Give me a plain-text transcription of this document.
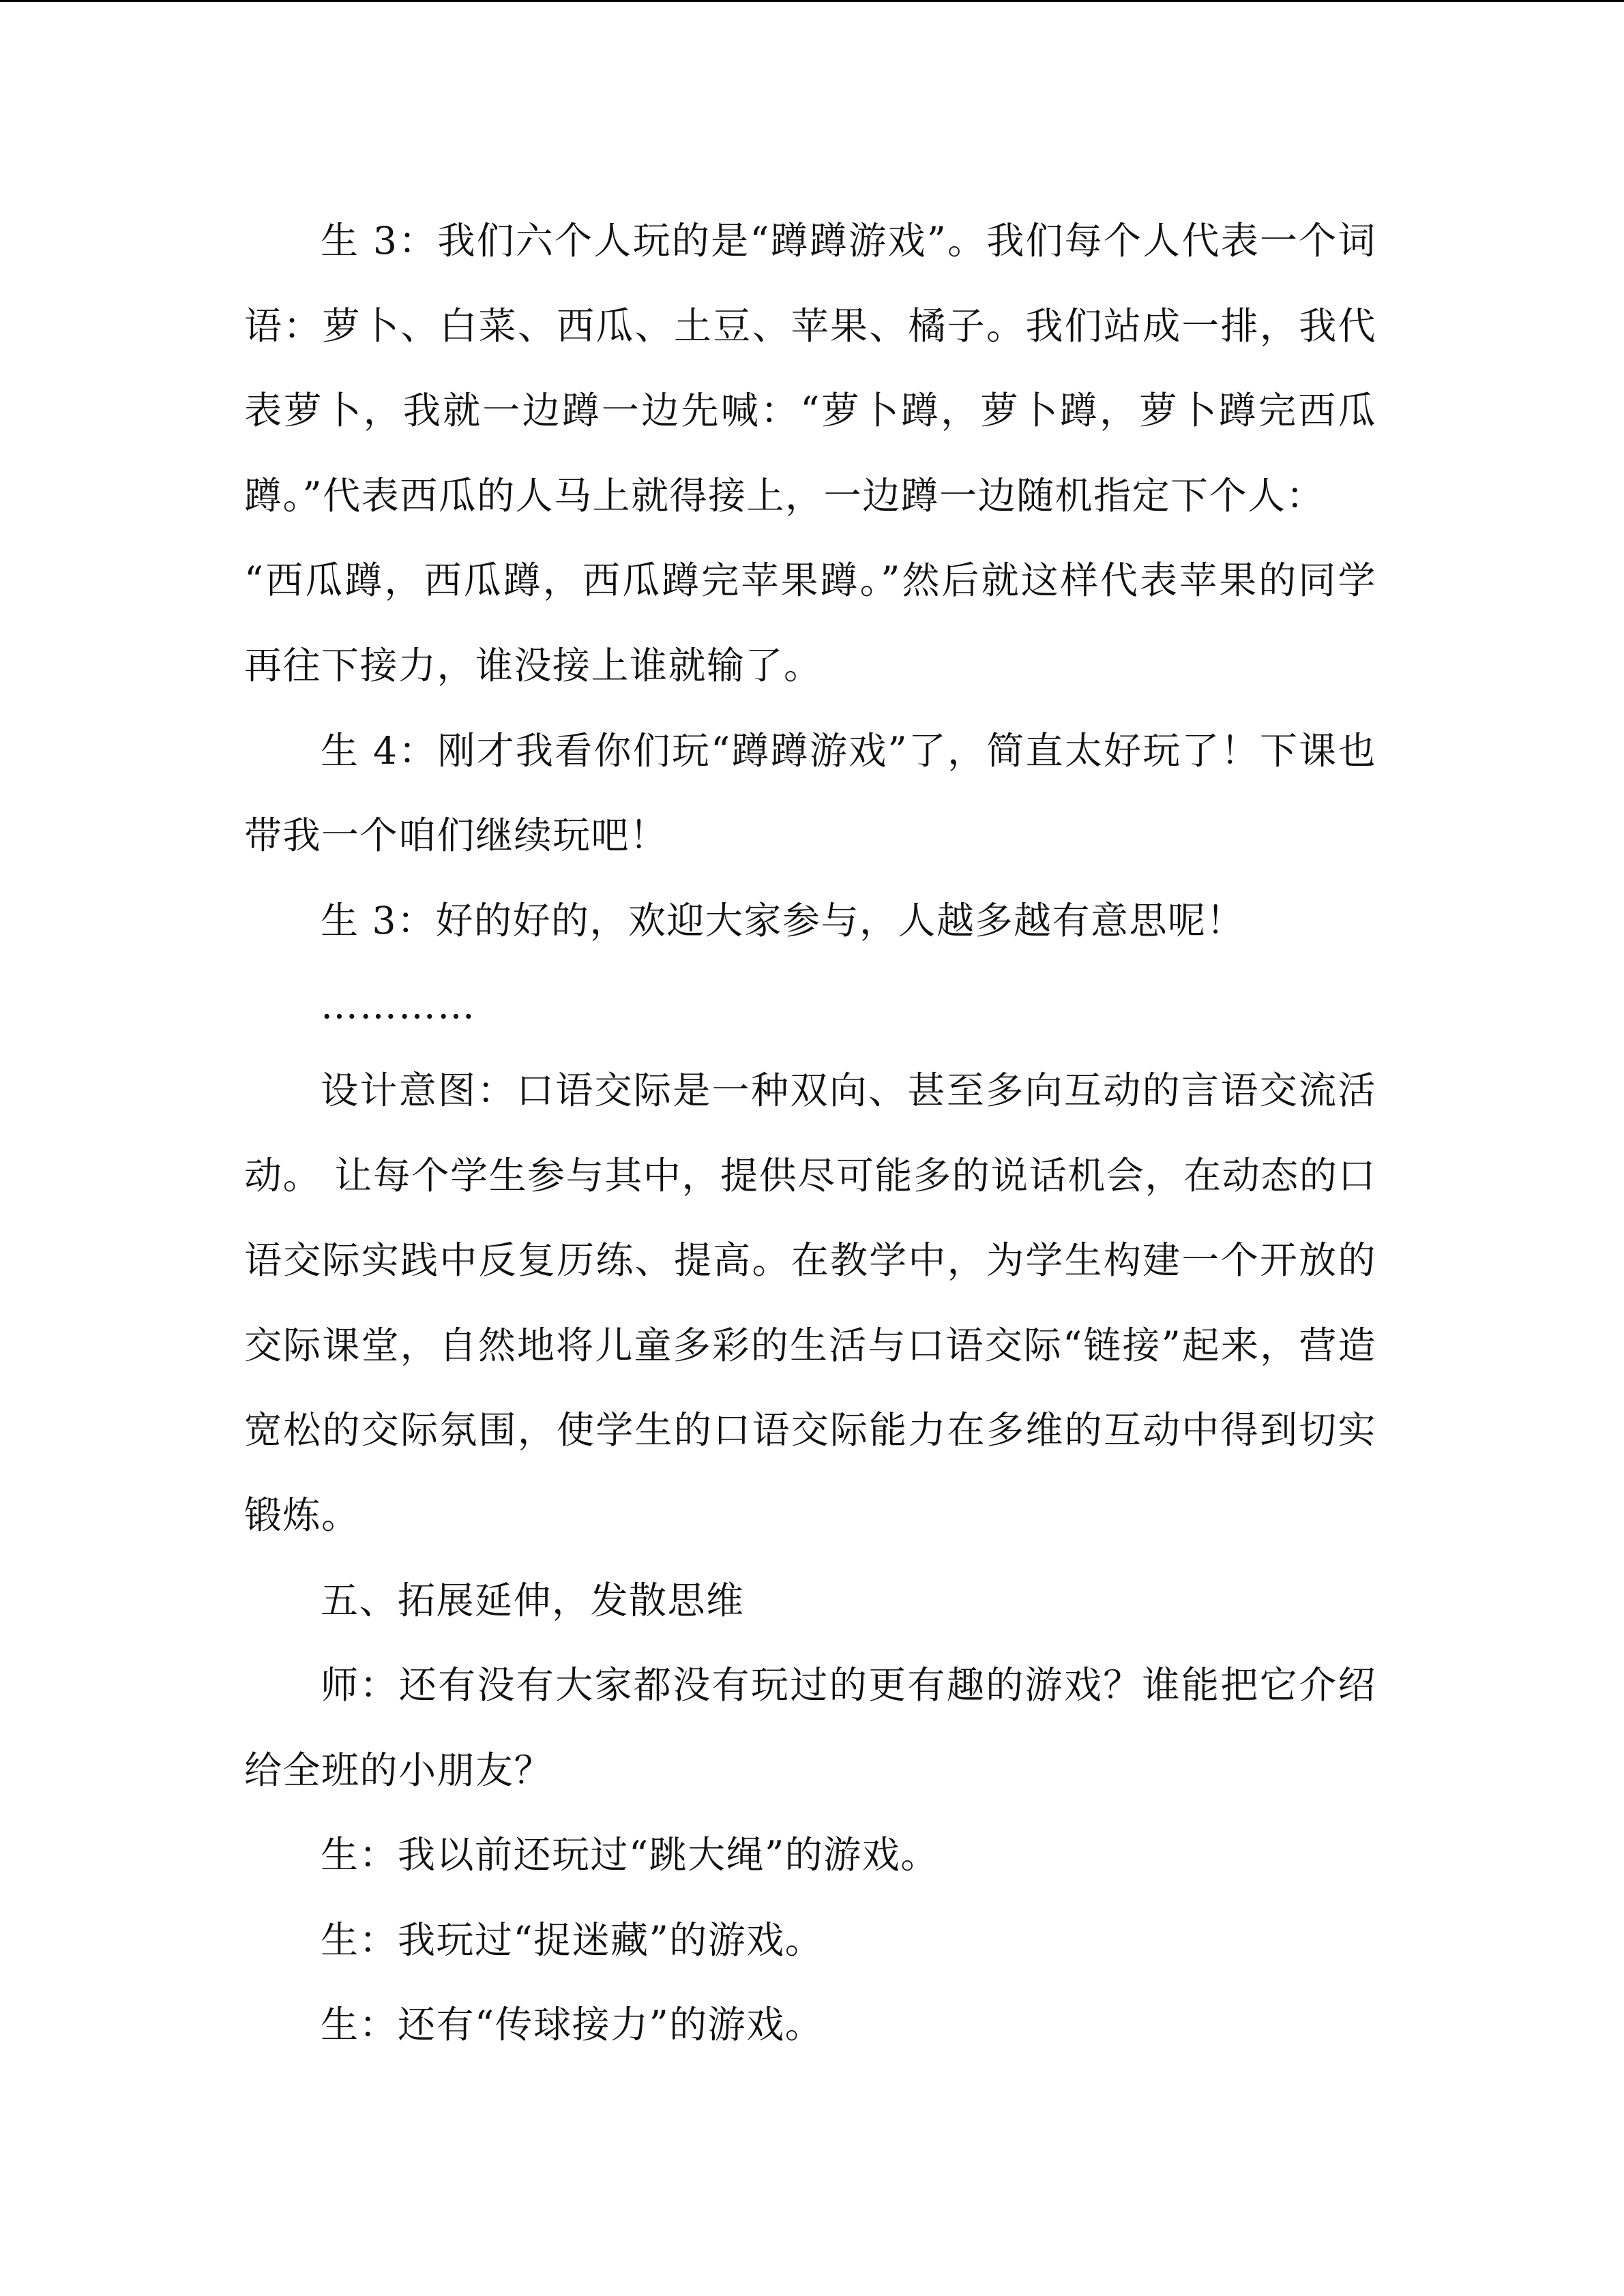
生 3：我们六个人玩的是“蹲蹲游戏”。我们每个人代表一个词语：萝卜、白菜、西瓜、土豆、苹果、橘子。我们站成一排，我代表萝卜，我就一边蹲一边先喊：“萝卜蹲，萝卜蹲，萝卜蹲完西瓜蹲。”代表西瓜的人马上就得接上，一边蹲一边随机指定下个人：

“西瓜蹲，西瓜蹲，西瓜蹲完苹果蹲。”然后就这样代表苹果的同学再往下接力，谁没接上谁就输了。

生 4：刚才我看你们玩“蹲蹲游戏”了，简直太好玩了！下课也带我一个咱们继续玩吧！

生 3：好的好的，欢迎大家参与，人越多越有意思呢！

…………

设计意图：口语交际是一种双向、甚至多向互动的言语交流活动。 让每个学生参与其中，提供尽可能多的说话机会，在动态的口语交际实践中反复历练、提高。在教学中，为学生构建一个开放的交际课堂，自然地将儿童多彩的生活与口语交际“链接”起来，营造宽松的交际氛围，使学生的口语交际能力在多维的互动中得到切实锻炼。

五、拓展延伸，发散思维

师：还有没有大家都没有玩过的更有趣的游戏？谁能把它介绍给全班的小朋友？

生：我以前还玩过“跳大绳”的游戏。

生：我玩过“捉迷藏”的游戏。

生：还有“传球接力”的游戏。
